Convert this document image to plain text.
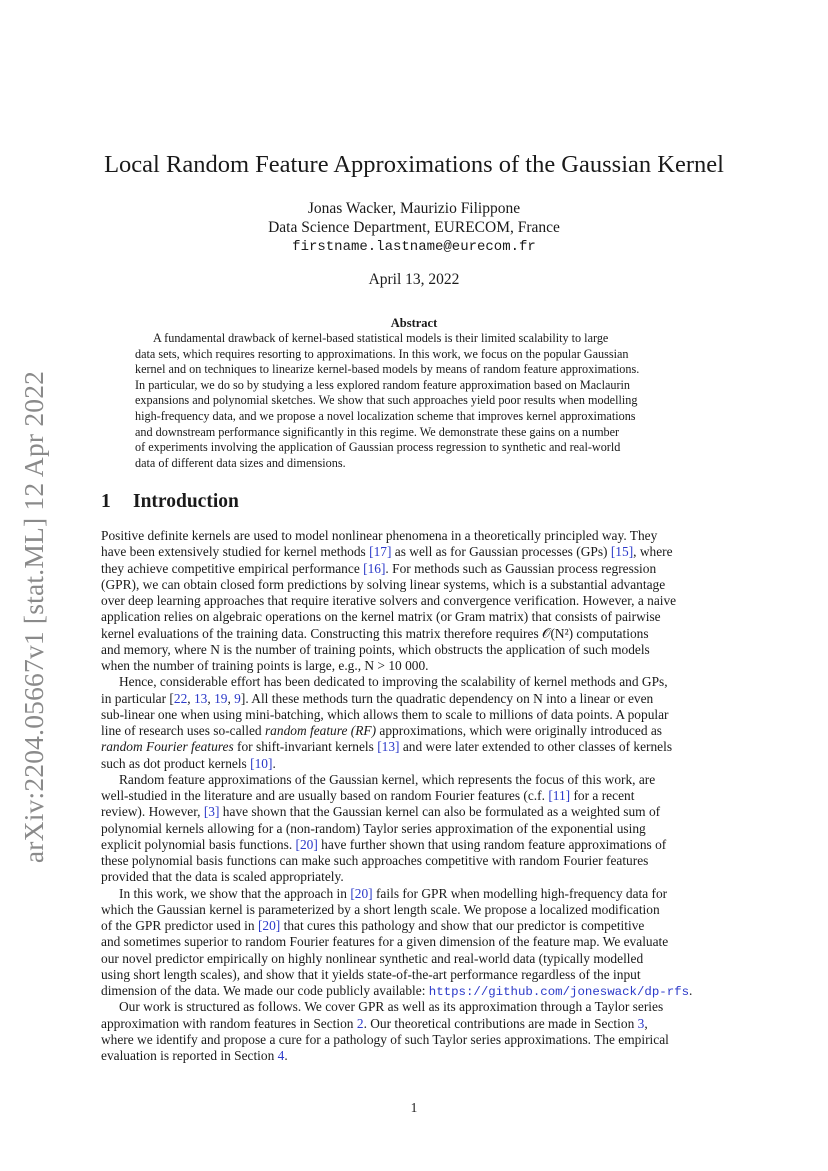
arXiv:2204.05667v1 [stat.ML] 12 Apr 2022
Local Random Feature Approximations of the Gaussian Kernel
Jonas Wacker, Maurizio Filippone
Data Science Department, EURECOM, France
firstname.lastname@eurecom.fr
April 13, 2022
Abstract
A fundamental drawback of kernel-based statistical models is their limited scalability to large
data sets, which requires resorting to approximations. In this work, we focus on the popular Gaussian
kernel and on techniques to linearize kernel-based models by means of random feature approximations.
In particular, we do so by studying a less explored random feature approximation based on Maclaurin
expansions and polynomial sketches. We show that such approaches yield poor results when modelling
high-frequency data, and we propose a novel localization scheme that improves kernel approximations
and downstream performance significantly in this regime. We demonstrate these gains on a number
of experiments involving the application of Gaussian process regression to synthetic and real-world
data of different data sizes and dimensions.
1 Introduction
Positive definite kernels are used to model nonlinear phenomena in a theoretically principled way. They
have been extensively studied for kernel methods [17] as well as for Gaussian processes (GPs) [15], where
they achieve competitive empirical performance [16]. For methods such as Gaussian process regression
(GPR), we can obtain closed form predictions by solving linear systems, which is a substantial advantage
over deep learning approaches that require iterative solvers and convergence verification. However, a naive
application relies on algebraic operations on the kernel matrix (or Gram matrix) that consists of pairwise
kernel evaluations of the training data. Constructing this matrix therefore requires 𝒪(N²) computations
and memory, where N is the number of training points, which obstructs the application of such models
when the number of training points is large, e.g., N > 10 000.
Hence, considerable effort has been dedicated to improving the scalability of kernel methods and GPs,
in particular [22, 13, 19, 9]. All these methods turn the quadratic dependency on N into a linear or even
sub-linear one when using mini-batching, which allows them to scale to millions of data points. A popular
line of research uses so-called random feature (RF) approximations, which were originally introduced as
random Fourier features for shift-invariant kernels [13] and were later extended to other classes of kernels
such as dot product kernels [10].
Random feature approximations of the Gaussian kernel, which represents the focus of this work, are
well-studied in the literature and are usually based on random Fourier features (c.f. [11] for a recent
review). However, [3] have shown that the Gaussian kernel can also be formulated as a weighted sum of
polynomial kernels allowing for a (non-random) Taylor series approximation of the exponential using
explicit polynomial basis functions. [20] have further shown that using random feature approximations of
these polynomial basis functions can make such approaches competitive with random Fourier features
provided that the data is scaled appropriately.
In this work, we show that the approach in [20] fails for GPR when modelling high-frequency data for
which the Gaussian kernel is parameterized by a short length scale. We propose a localized modification
of the GPR predictor used in [20] that cures this pathology and show that our predictor is competitive
and sometimes superior to random Fourier features for a given dimension of the feature map. We evaluate
our novel predictor empirically on highly nonlinear synthetic and real-world data (typically modelled
using short length scales), and show that it yields state-of-the-art performance regardless of the input
dimension of the data. We made our code publicly available: https://github.com/joneswack/dp-rfs.
Our work is structured as follows. We cover GPR as well as its approximation through a Taylor series
approximation with random features in Section 2. Our theoretical contributions are made in Section 3,
where we identify and propose a cure for a pathology of such Taylor series approximations. The empirical
evaluation is reported in Section 4.
1
